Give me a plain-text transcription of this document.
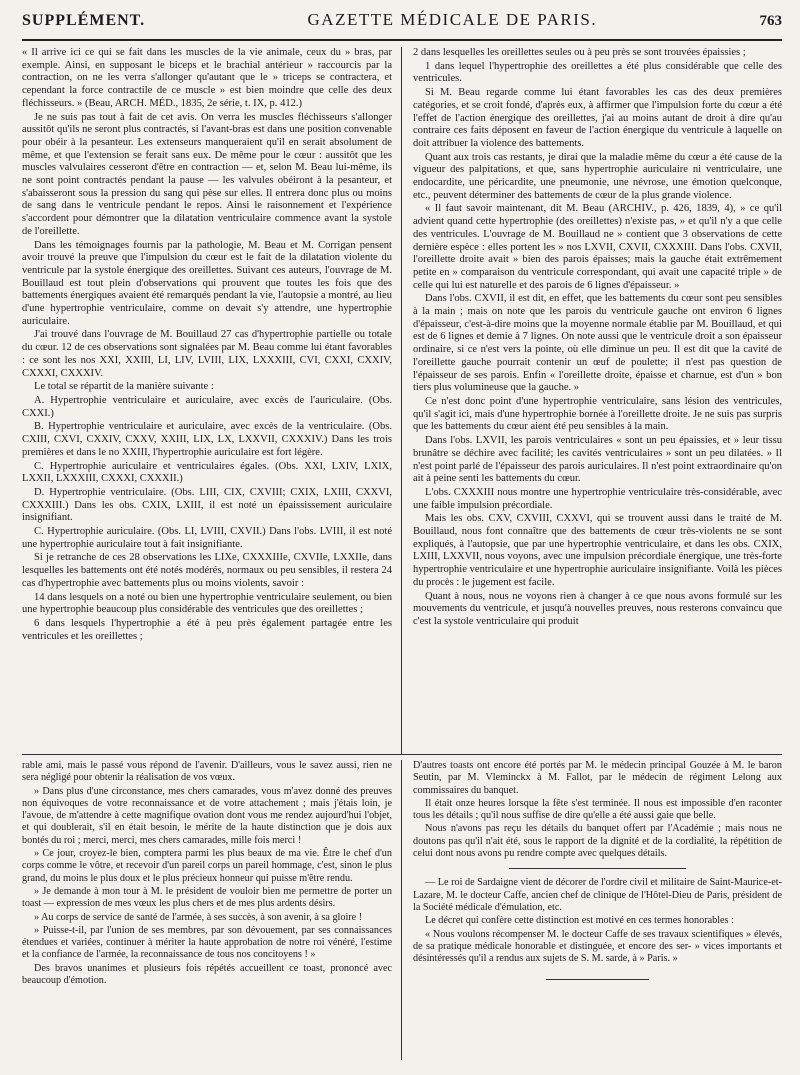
SUPPLÉMENT.	GAZETTE MÉDICALE DE PARIS.	763

« Il arrive ici ce qui se fait dans les muscles de la vie animale, ceux du » bras, par exemple. Ainsi, en supposant le biceps et le brachial antérieur » raccourcis par la contraction, on ne les verra s'allonger qu'autant que le » triceps se contractera, et cependant la force contractile de ce muscle » est bien moindre que celle des deux fléchisseurs. » (Beau, ARCH. MÉD., 1835, 2e série, t. IX, p. 412.)

Je ne suis pas tout à fait de cet avis. On verra les muscles fléchisseurs s'allonger aussitôt qu'ils ne seront plus contractés, si l'avant-bras est dans une position convenable pour obéir à la pesanteur. Les extenseurs manqueraient qu'il en serait absolument de même, et que l'extension se ferait sans eux. De même pour le cœur : aussitôt que les muscles valvulaires cesseront d'être en contraction — et, selon M. Beau lui-même, ils ne sont point contractés pendant la pause — les valvules obéiront à la pesanteur, et s'abaisseront sous la pression du sang qui pèse sur elles. Il entrera donc plus ou moins de sang dans le ventricule pendant le repos. Ainsi le raisonnement et l'expérience s'accordent pour démontrer que la dilatation ventriculaire commence avant la systole de l'oreillette.

Dans les témoignages fournis par la pathologie, M. Beau et M. Corrigan pensent avoir trouvé la preuve que l'impulsion du cœur est le fait de la dilatation violente du ventricule par la systole énergique des oreillettes. Suivant ces auteurs, l'ouvrage de M. Bouillaud est tout plein d'observations qui prouvent que toutes les fois que des battements énergiques avaient été remarqués pendant la vie, l'autopsie a montré, au lieu d'une hypertrophie ventriculaire, comme on devait s'y attendre, une hypertrophie auriculaire.

J'ai trouvé dans l'ouvrage de M. Bouillaud 27 cas d'hypertrophie partielle ou totale du cœur. 12 de ces observations sont signalées par M. Beau comme lui étant favorables : ce sont les nos XXI, XXIII, LI, LIV, LVIII, LIX, LXXXIII, CVI, CXXI, CXXIV, CXXXI, CXXXIV.

Le total se répartit de la manière suivante :

A. Hypertrophie ventriculaire et auriculaire, avec excès de l'auriculaire. (Obs. CXXI.)

B. Hypertrophie ventriculaire et auriculaire, avec excès de la ventriculaire. (Obs. CXIII, CXVI, CXXIV, CXXV, XXIII, LIX, LX, LXXVII, CXXXIV.) Dans les trois premières et dans le no XXIII, l'hypertrophie auriculaire est fort légère.

C. Hypertrophie auriculaire et ventriculaires égales. (Obs. XXI, LXIV, LXIX, LXXII, LXXXIII, CXXXI, CXXXII.)

D. Hypertrophie ventriculaire. (Obs. LIII, CIX, CXVIII; CXIX, LXIII, CXXVI, CXXXIII.) Dans les obs. CXIX, LXIII, il est noté un épaississement auriculaire insignifiant.

C. Hypertrophie auriculaire. (Obs. LI, LVIII, CXVII.) Dans l'obs. LVIII, il est noté une hypertrophie auriculaire tout à fait insignifiante.

Si je retranche de ces 28 observations les LIXe, CXXXIIIe, CXVIIe, LXXIIe, dans lesquelles les battements ont été notés modérés, normaux ou peu sensibles, il restera 24 cas d'hypertrophie avec battements plus ou moins violents, savoir :

14 dans lesquels on a noté ou bien une hypertrophie ventriculaire seulement, ou bien une hypertrophie beaucoup plus considérable des ventricules que des oreillettes ;

6 dans lesquels l'hypertrophie a été à peu près également partagée entre les ventricules et les oreillettes ;

2 dans lesquelles les oreillettes seules ou à peu près se sont trouvées épaissies ;

1 dans lequel l'hypertrophie des oreillettes a été plus considérable que celle des ventricules.

Si M. Beau regarde comme lui étant favorables les cas des deux premières catégories, et se croit fondé, d'après eux, à affirmer que l'impulsion forte du cœur a été l'effet de l'action énergique des oreillettes, j'ai au moins autant de droit à dire qu'au contraire ces faits déposent en faveur de l'action énergique du ventricule à laquelle on doit attribuer la violence des battements.

Quant aux trois cas restants, je dirai que la maladie même du cœur a été cause de la vigueur des palpitations, et que, sans hypertrophie auriculaire ni ventriculaire, une endocardite, une péricardite, une pneumonie, une névrose, une émotion quelconque, etc., peuvent déterminer des battements de cœur de la plus grande violence.

« Il faut savoir maintenant, dit M. Beau (ARCHIV., p. 426, 1839, 4), » ce qu'il advient quand cette hypertrophie (des oreillettes) n'existe pas, » et qu'il n'y a que celle des ventricules. L'ouvrage de M. Bouillaud ne » contient que 3 observations de cette dernière espèce : elles portent les » nos LXVII, CXVII, CXXXIII. Dans l'obs. CXVII, l'oreillette droite avait » bien des parois épaisses; mais la gauche était extrêmement petite en » comparaison du ventricule correspondant, qui avait une capacité triple » de celle qui lui est naturelle et des parois de 6 lignes d'épaisseur. »

Dans l'obs. CXVII, il est dit, en effet, que les battements du cœur sont peu sensibles à la main ; mais on note que les parois du ventricule gauche ont environ 6 lignes d'épaisseur, c'est-à-dire moins que la moyenne normale établie par M. Bouillaud, et qui est de 6 lignes et demie à 7 lignes. On note aussi que le ventricule droit a son épaisseur ordinaire, si ce n'est vers la pointe, où elle diminue un peu. Il est dit que la cavité de l'oreillette gauche pourrait contenir un œuf de poulette; il n'est pas question de l'épaisseur de ses parois. Enfin « l'oreillette droite, épaisse et charnue, est d'un » bon tiers plus volumineuse que la gauche. »

Ce n'est donc point d'une hypertrophie ventriculaire, sans lésion des ventricules, qu'il s'agit ici, mais d'une hypertrophie bornée à l'oreillette droite. Je ne suis pas surpris que les battements du cœur aient été peu sensibles à la main.

Dans l'obs. LXVII, les parois ventriculaires « sont un peu épaissies, et » leur tissu brunâtre se déchire avec facilité; les cavités ventriculaires » sont un peu dilatées. » Il n'est point parlé de l'épaisseur des parois auriculaires. Il n'est point extraordinaire qu'on ait à peine senti les battements du cœur.

L'obs. CXXXIII nous montre une hypertrophie ventriculaire très-considérable, avec une faible impulsion précordiale.

Mais les obs. CXV, CXVIII, CXXVI, qui se trouvent aussi dans le traité de M. Bouillaud, nous font connaître que des battements de cœur très-violents ne se sont expliqués, à l'autopsie, que par une hypertrophie ventriculaire, et dans les obs. CXIX, LXIII, LXXVII, nous voyons, avec une impulsion précordiale énergique, une très-forte hypertrophie ventriculaire et une hypertrophie auriculaire insignifiante. Voilà les pièces du procès : le jugement est facile.

Quant à nous, nous ne voyons rien à changer à ce que nous avons formulé sur les mouvements du ventricule, et jusqu'à nouvelles preuves, nous resterons convaincu que c'est la systole ventriculaire qui produit

rable ami, mais le passé vous répond de l'avenir. D'ailleurs, vous le savez aussi, rien ne sera négligé pour obtenir la réalisation de vos vœux.

» Dans plus d'une circonstance, mes chers camarades, vous m'avez donné des preuves non équivoques de votre reconnaissance et de votre attachement ; mais j'étais loin, je l'avoue, de m'attendre à cette magnifique ovation dont vous me rendez aujourd'hui l'objet, et qui doublerait, s'il en était besoin, le mérite de la haute distinction que je dois aux bontés du roi ; merci, merci, mes chers camarades, mille fois merci !

» Ce jour, croyez-le bien, comptera parmi les plus beaux de ma vie. Être le chef d'un corps comme le vôtre, et recevoir d'un pareil corps un pareil hommage, c'est, sinon le plus grand, du moins le plus doux et le plus précieux honneur qui puisse m'être rendu.

» Je demande à mon tour à M. le président de vouloir bien me permettre de porter un toast — expression de mes vœux les plus chers et de mes plus ardents désirs.

» Au corps de service de santé de l'armée, à ses succès, à son avenir, à sa gloire !

» Puisse-t-il, par l'union de ses membres, par son dévouement, par ses connaissances étendues et variées, continuer à mériter la haute approbation de notre roi vénéré, l'estime et la confiance de l'armée, la reconnaissance de tous nos concitoyens ! »

Des bravos unanimes et plusieurs fois répétés accueillent ce toast, prononcé avec beaucoup d'émotion.

D'autres toasts ont encore été portés par M. le médecin principal Gouzée à M. le baron Seutin, par M. Vleminckx à M. Fallot, par le médecin de régiment Lelong aux commissaires du banquet.

Il était onze heures lorsque la fête s'est terminée. Il nous est impossible d'en raconter tous les détails ; qu'il nous suffise de dire qu'elle a été aussi gaie que belle.

Nous n'avons pas reçu les détails du banquet offert par l'Académie ; mais nous ne doutons pas qu'il n'ait été, sous le rapport de la dignité et de la cordialité, la répétition de celui dont nous avons pu rendre compte avec quelques détails.

— Le roi de Sardaigne vient de décorer de l'ordre civil et militaire de Saint-Maurice-et-Lazare, M. le docteur Caffe, ancien chef de clinique de l'Hôtel-Dieu de Paris, président de la Société médicale d'émulation, etc.

Le décret qui confère cette distinction est motivé en ces termes honorables :

« Nous voulons récompenser M. le docteur Caffe de ses travaux scientifiques » élevés, de sa pratique médicale honorable et distinguée, et encore des ser- » vices importants et désintéressés qu'il a rendus aux sujets de S. M. sarde, à » Paris. »
